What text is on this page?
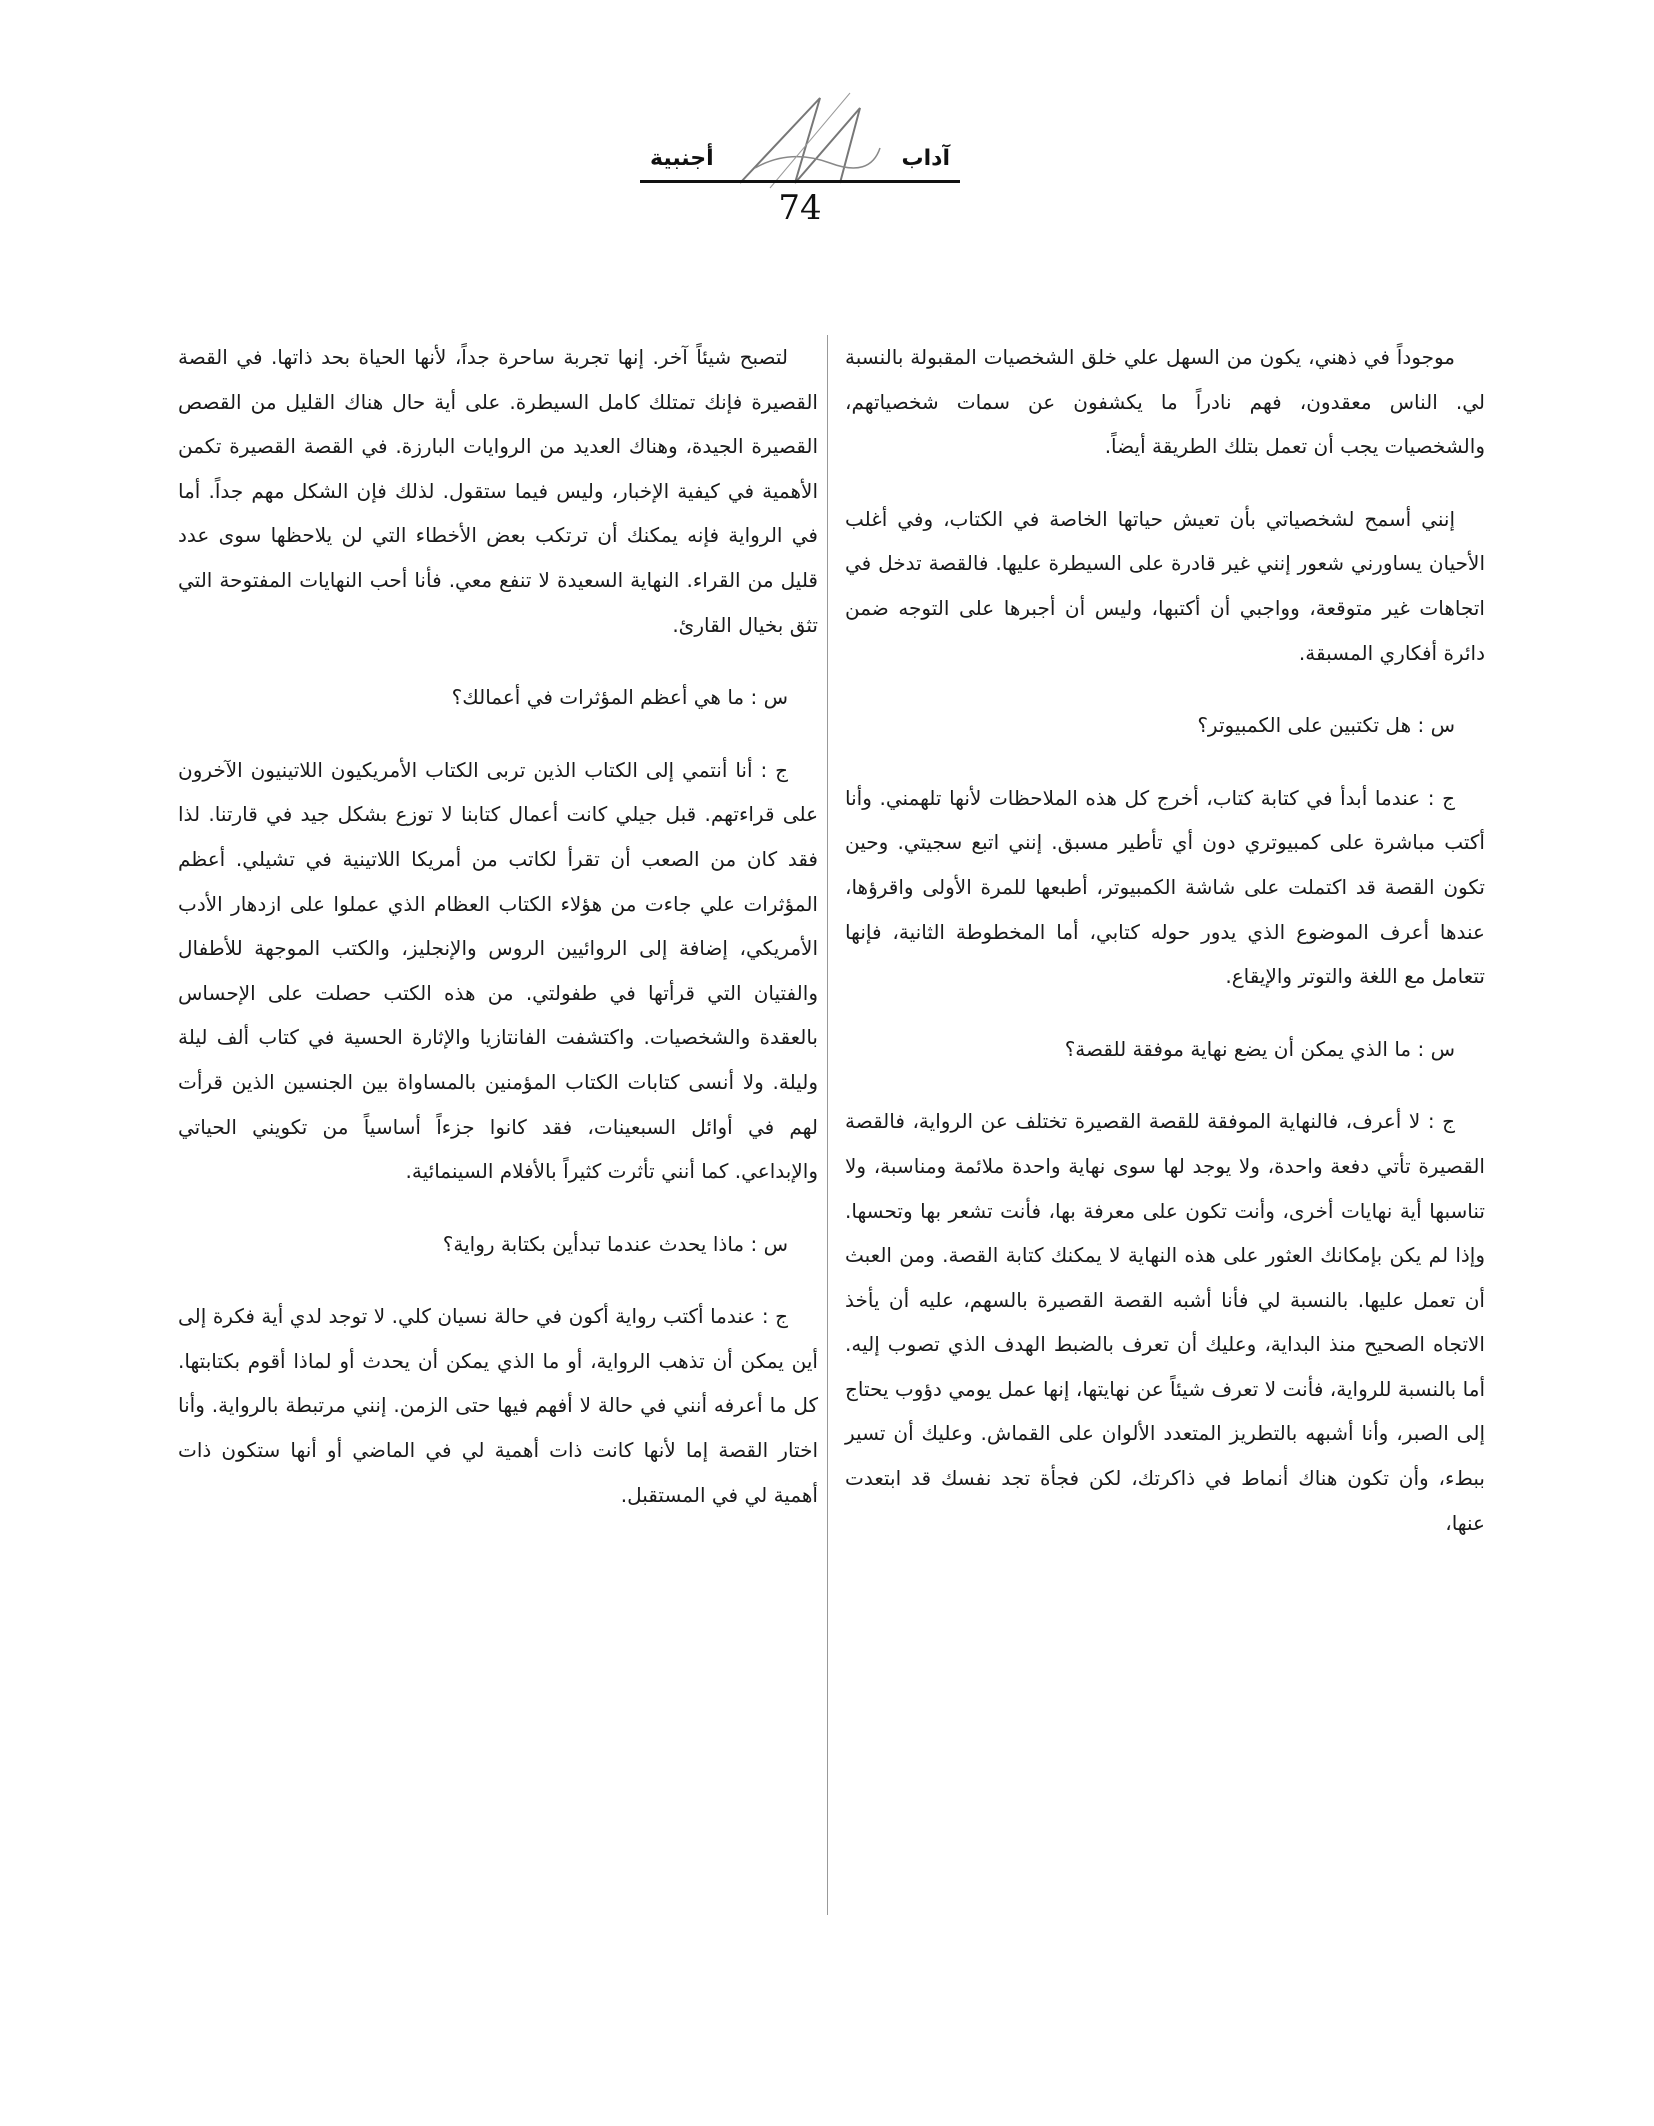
آداب
أجنبية
74

موجوداً في ذهني، يكون من السهل علي خلق الشخصيات المقبولة بالنسبة لي. الناس معقدون، فهم نادراً ما يكشفون عن سمات شخصياتهم، والشخصيات يجب أن تعمل بتلك الطريقة أيضاً.

إنني أسمح لشخصياتي بأن تعيش حياتها الخاصة في الكتاب، وفي أغلب الأحيان يساورني شعور إنني غير قادرة على السيطرة عليها. فالقصة تدخل في اتجاهات غير متوقعة، وواجبي أن أكتبها، وليس أن أجبرها على التوجه ضمن دائرة أفكاري المسبقة.

س : هل تكتبين على الكمبيوتر؟

ج : عندما أبدأ في كتابة كتاب، أخرج كل هذه الملاحظات لأنها تلهمني. وأنا أكتب مباشرة على كمبيوتري دون أي تأطير مسبق. إنني اتبع سجيتي. وحين تكون القصة قد اكتملت على شاشة الكمبيوتر، أطبعها للمرة الأولى واقرؤها، عندها أعرف الموضوع الذي يدور حوله كتابي، أما المخطوطة الثانية، فإنها تتعامل مع اللغة والتوتر والإيقاع.

س : ما الذي يمكن أن يضع نهاية موفقة للقصة؟

ج : لا أعرف، فالنهاية الموفقة للقصة القصيرة تختلف عن الرواية، فالقصة القصيرة تأتي دفعة واحدة، ولا يوجد لها سوى نهاية واحدة ملائمة ومناسبة، ولا تناسبها أية نهايات أخرى، وأنت تكون على معرفة بها، فأنت تشعر بها وتحسها. وإذا لم يكن بإمكانك العثور على هذه النهاية لا يمكنك كتابة القصة. ومن العبث أن تعمل عليها. بالنسبة لي فأنا أشبه القصة القصيرة بالسهم، عليه أن يأخذ الاتجاه الصحيح منذ البداية، وعليك أن تعرف بالضبط الهدف الذي تصوب إليه. أما بالنسبة للرواية، فأنت لا تعرف شيئاً عن نهايتها، إنها عمل يومي دؤوب يحتاج إلى الصبر، وأنا أشبهه بالتطريز المتعدد الألوان على القماش. وعليك أن تسير ببطء، وأن تكون هناك أنماط في ذاكرتك، لكن فجأة تجد نفسك قد ابتعدت عنها،

لتصبح شيئاً آخر. إنها تجربة ساحرة جداً، لأنها الحياة بحد ذاتها. في القصة القصيرة فإنك تمتلك كامل السيطرة. على أية حال هناك القليل من القصص القصيرة الجيدة، وهناك العديد من الروايات البارزة. في القصة القصيرة تكمن الأهمية في كيفية الإخبار، وليس فيما ستقول. لذلك فإن الشكل مهم جداً. أما في الرواية فإنه يمكنك أن ترتكب بعض الأخطاء التي لن يلاحظها سوى عدد قليل من القراء. النهاية السعيدة لا تنفع معي. فأنا أحب النهايات المفتوحة التي تثق بخيال القارئ.

س : ما هي أعظم المؤثرات في أعمالك؟

ج : أنا أنتمي إلى الكتاب الذين تربى الكتاب الأمريكيون اللاتينيون الآخرون على قراءتهم. قبل جيلي كانت أعمال كتابنا لا توزع بشكل جيد في قارتنا. لذا فقد كان من الصعب أن تقرأ لكاتب من أمريكا اللاتينية في تشيلي. أعظم المؤثرات علي جاءت من هؤلاء الكتاب العظام الذي عملوا على ازدهار الأدب الأمريكي، إضافة إلى الروائيين الروس والإنجليز، والكتب الموجهة للأطفال والفتيان التي قرأتها في طفولتي. من هذه الكتب حصلت على الإحساس بالعقدة والشخصيات. واكتشفت الفانتازيا والإثارة الحسية في كتاب ألف ليلة وليلة. ولا أنسى كتابات الكتاب المؤمنين بالمساواة بين الجنسين الذين قرأت لهم في أوائل السبعينات، فقد كانوا جزءاً أساسياً من تكويني الحياتي والإبداعي. كما أنني تأثرت كثيراً بالأفلام السينمائية.

س : ماذا يحدث عندما تبدأين بكتابة رواية؟

ج : عندما أكتب رواية أكون في حالة نسيان كلي. لا توجد لدي أية فكرة إلى أين يمكن أن تذهب الرواية، أو ما الذي يمكن أن يحدث أو لماذا أقوم بكتابتها. كل ما أعرفه أنني في حالة لا أفهم فيها حتى الزمن. إنني مرتبطة بالرواية. وأنا اختار القصة إما لأنها كانت ذات أهمية لي في الماضي أو أنها ستكون ذات أهمية لي في المستقبل.
